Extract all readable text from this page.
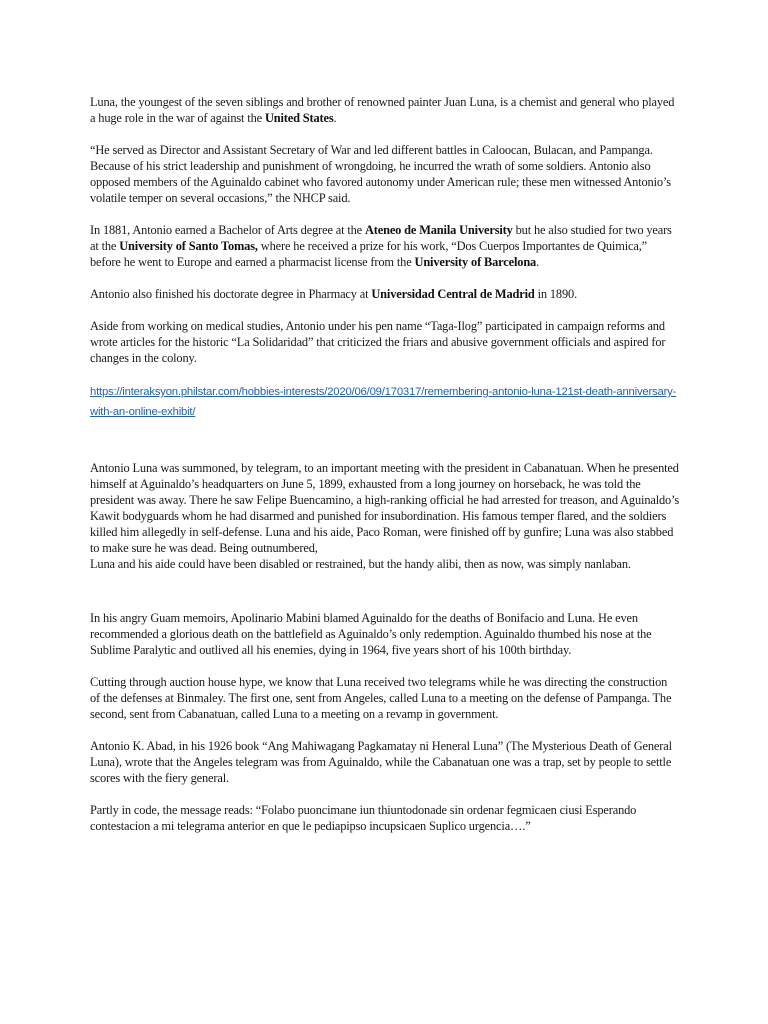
Luna, the youngest of the seven siblings and brother of renowned painter Juan Luna, is a chemist and general who played a huge role in the war of against the United States.

“He served as Director and Assistant Secretary of War and led different battles in Caloocan, Bulacan, and Pampanga. Because of his strict leadership and punishment of wrongdoing, he incurred the wrath of some soldiers. Antonio also opposed members of the Aguinaldo cabinet who favored autonomy under American rule; these men witnessed Antonio’s volatile temper on several occasions,” the NHCP said.

In 1881, Antonio earned a Bachelor of Arts degree at the Ateneo de Manila University but he also studied for two years at the University of Santo Tomas, where he received a prize for his work, “Dos Cuerpos Importantes de Quimica,” before he went to Europe and earned a pharmacist license from the University of Barcelona.

Antonio also finished his doctorate degree in Pharmacy at Universidad Central de Madrid in 1890.

Aside from working on medical studies, Antonio under his pen name “Taga-Ilog” participated in campaign reforms and wrote articles for the historic “La Solidaridad” that criticized the friars and abusive government officials and aspired for changes in the colony.

https://interaksyon.philstar.com/hobbies-interests/2020/06/09/170317/remembering-antonio-luna-121st-death-anniversary-with-an-online-exhibit/

Antonio Luna was summoned, by telegram, to an important meeting with the president in Cabanatuan. When he presented himself at Aguinaldo’s headquarters on June 5, 1899, exhausted from a long journey on horseback, he was told the president was away. There he saw Felipe Buencamino, a high-ranking official he had arrested for treason, and Aguinaldo’s Kawit bodyguards whom he had disarmed and punished for insubordination. His famous temper flared, and the soldiers killed him allegedly in self-defense. Luna and his aide, Paco Roman, were finished off by gunfire; Luna was also stabbed to make sure he was dead. Being outnumbered,

Luna and his aide could have been disabled or restrained, but the handy alibi, then as now, was simply nanlaban.

In his angry Guam memoirs, Apolinario Mabini blamed Aguinaldo for the deaths of Bonifacio and Luna. He even recommended a glorious death on the battlefield as Aguinaldo’s only redemption. Aguinaldo thumbed his nose at the Sublime Paralytic and outlived all his enemies, dying in 1964, five years short of his 100th birthday.

Cutting through auction house hype, we know that Luna received two telegrams while he was directing the construction of the defenses at Binmaley. The first one, sent from Angeles, called Luna to a meeting on the defense of Pampanga. The second, sent from Cabanatuan, called Luna to a meeting on a revamp in government.

Antonio K. Abad, in his 1926 book “Ang Mahiwagang Pagkamatay ni Heneral Luna” (The Mysterious Death of General Luna), wrote that the Angeles telegram was from Aguinaldo, while the Cabanatuan one was a trap, set by people to settle scores with the fiery general.

Partly in code, the message reads: “Folabo puoncimane iun thiuntodonade sin ordenar fegmicaen ciusi Esperando contestacion a mi telegrama anterior en que le pediapipso incupsicaen Suplico urgencia….”
